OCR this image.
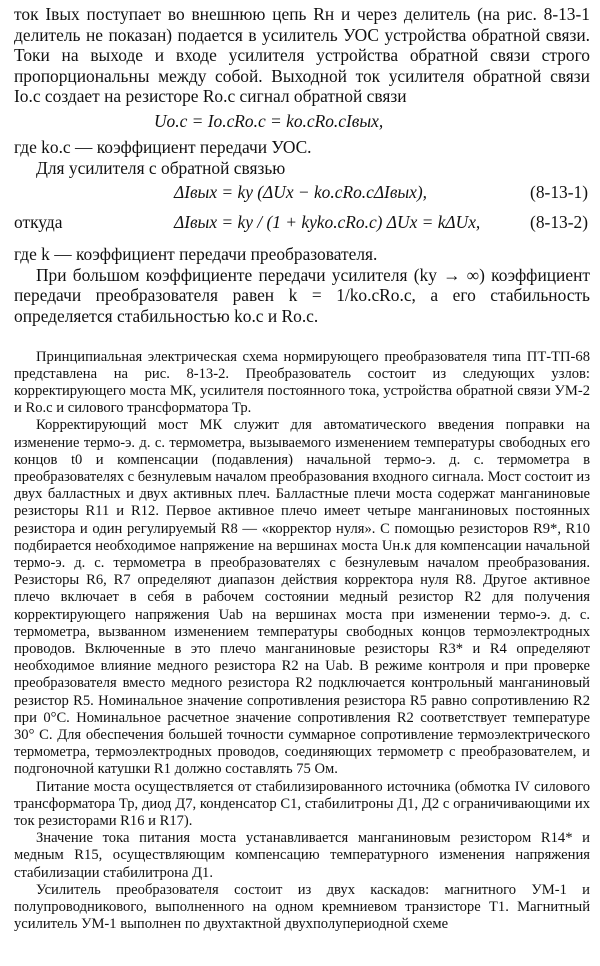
ток Iвых поступает во внешнюю цепь Rн и через делитель (на рис. 8-13-1 делитель не показан) подается в усилитель УОС устройства обратной связи. Токи на выходе и входе усилителя устройства обратной связи строго пропорциональны между собой. Выходной ток усилителя обратной связи Iо.с создает на резисторе Rо.с сигнал обратной связи

Uо.с = Iо.сRо.с = kо.сRо.сIвых,

где kо.с — коэффициент передачи УОС.

Для усилителя с обратной связью

ΔIвых = kу (ΔUx − kо.сRо.сΔIвых),	(8-13-1)
откуда	ΔIвых = kу / (1 + kуkо.сRо.с) ΔUx = kΔUx,	(8-13-2)

где k — коэффициент передачи преобразователя.

При большом коэффициенте передачи усилителя (kу → ∞) коэффициент передачи преобразователя равен k = 1/kо.сRо.с, а его стабильность определяется стабильностью kо.с и Rо.с.

Принципиальная электрическая схема нормирующего преобразователя типа ПТ-ТП-68 представлена на рис. 8-13-2. Преобразователь состоит из следующих узлов: корректирующего моста МК, усилителя постоянного тока, устройства обратной связи УМ-2 и Rо.с и силового трансформатора Тр.

Корректирующий мост МК служит для автоматического введения поправки на изменение термо-э. д. с. термометра, вызываемого изменением температуры свободных его концов t0 и компенсации (подавления) начальной термо-э. д. с. термометра в преобразователях с безнулевым началом преобразования входного сигнала. Мост состоит из двух балластных и двух активных плеч. Балластные плечи моста содержат манганиновые резисторы R11 и R12. Первое активное плечо имеет четыре манганиновых постоянных резистора и один регулируемый R8 — «корректор нуля». С помощью резисторов R9*, R10 подбирается необходимое напряжение на вершинах моста Uн.к для компенсации начальной термо-э. д. с. термометра в преобразователях с безнулевым началом преобразования. Резисторы R6, R7 определяют диапазон действия корректора нуля R8. Другое активное плечо включает в себя в рабочем состоянии медный резистор R2 для получения корректирующего напряжения Uab на вершинах моста при изменении термо-э. д. с. термометра, вызванном изменением температуры свободных концов термоэлектродных проводов. Включенные в это плечо манганиновые резисторы R3* и R4 определяют необходимое влияние медного резистора R2 на Uab. В режиме контроля и при проверке преобразователя вместо медного резистора R2 подключается контрольный манганиновый резистор R5. Номинальное значение сопротивления резистора R5 равно сопротивлению R2 при 0°С. Номинальное расчетное значение сопротивления R2 соответствует температуре 30° С. Для обеспечения большей точности суммарное сопротивление термоэлектрического термометра, термоэлектродных проводов, соединяющих термометр с преобразователем, и подгоночной катушки R1 должно составлять 75 Ом.

Питание моста осуществляется от стабилизированного источника (обмотка IV силового трансформатора Тр, диод Д7, конденсатор С1, стабилитроны Д1, Д2 с ограничивающими их ток резисторами R16 и R17).

Значение тока питания моста устанавливается манганиновым резистором R14* и медным R15, осуществляющим компенсацию температурного изменения напряжения стабилизации стабилитрона Д1.

Усилитель преобразователя состоит из двух каскадов: магнитного УМ-1 и полупроводникового, выполненного на одном кремниевом транзисторе Т1. Магнитный усилитель УМ-1 выполнен по двухтактной двухполупериодной схеме
